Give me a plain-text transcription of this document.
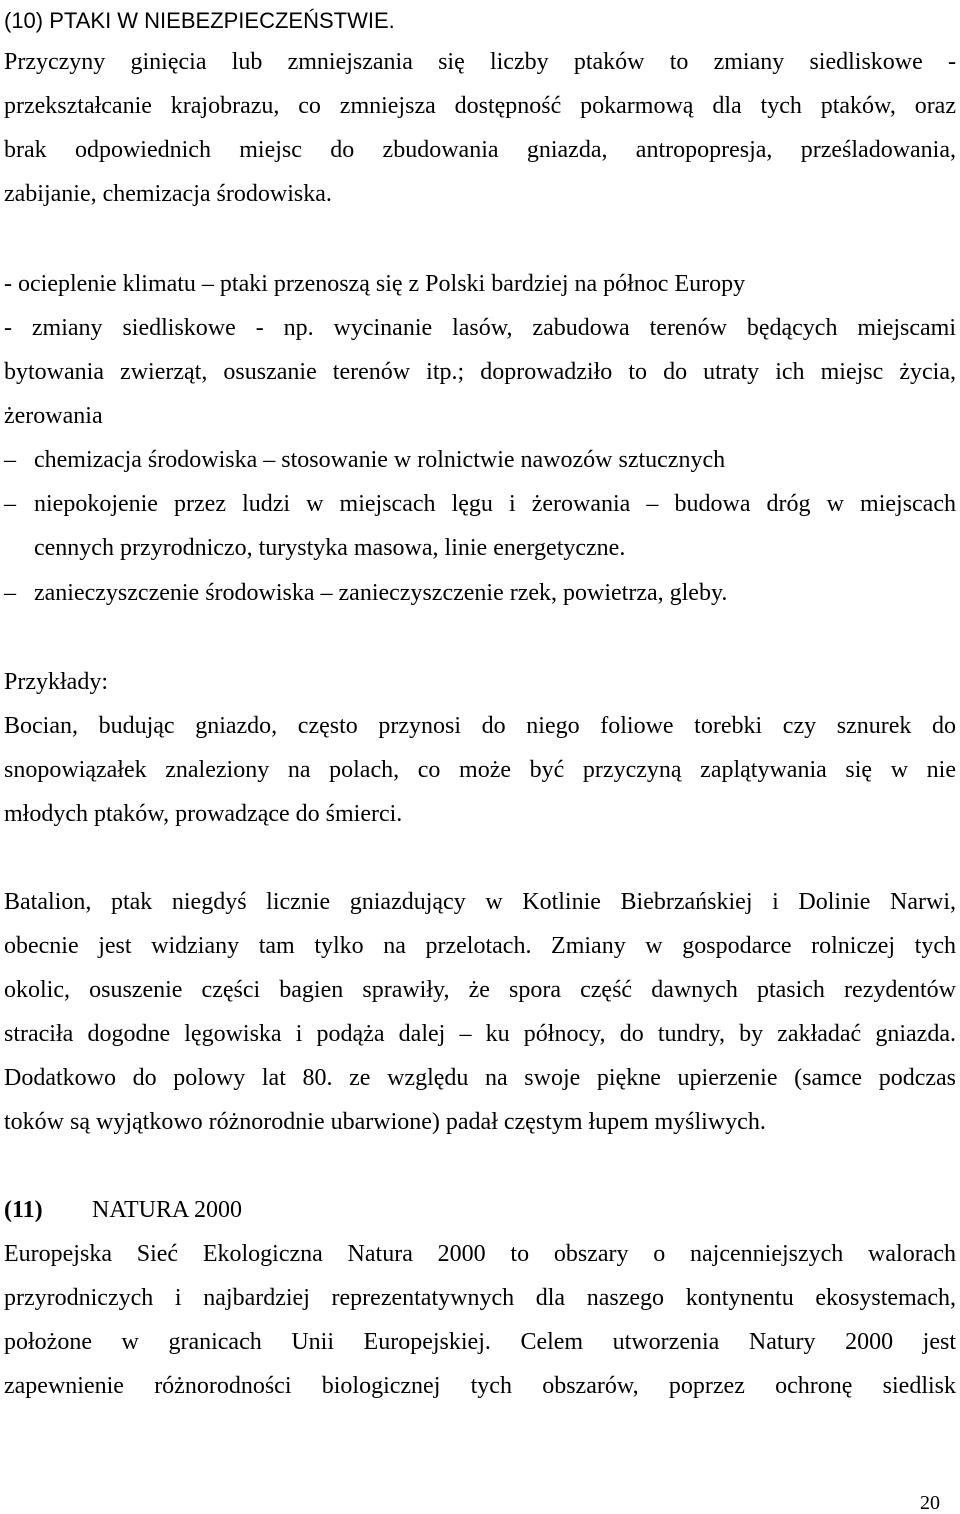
(10) PTAKI W NIEBEZPIECZEŃSTWIE.
Przyczyny ginięcia lub zmniejszania się liczby ptaków to zmiany siedliskowe -
przekształcanie krajobrazu, co zmniejsza dostępność pokarmową dla tych ptaków, oraz
brak odpowiednich miejsc do zbudowania gniazda, antropopresja, prześladowania,
zabijanie, chemizacja środowiska.
- ocieplenie klimatu – ptaki przenoszą się z Polski bardziej na północ Europy
- zmiany siedliskowe - np. wycinanie lasów, zabudowa terenów będących miejscami
bytowania zwierząt, osuszanie terenów itp.; doprowadziło to do utraty ich miejsc życia,
żerowania
– chemizacja środowiska – stosowanie w rolnictwie nawozów sztucznych
– niepokojenie przez ludzi w miejscach lęgu i żerowania – budowa dróg w miejscach
cennych przyrodniczo, turystyka masowa, linie energetyczne.
– zanieczyszczenie środowiska – zanieczyszczenie rzek, powietrza, gleby.
Przykłady:
Bocian, budując gniazdo, często przynosi do niego foliowe torebki czy sznurek do
snopowiązałek znaleziony na polach, co może być przyczyną zaplątywania się w nie
młodych ptaków, prowadzące do śmierci.
Batalion, ptak niegdyś licznie gniazdujący w Kotlinie Biebrzańskiej i Dolinie Narwi,
obecnie jest widziany tam tylko na przelotach. Zmiany w gospodarce rolniczej tych
okolic, osuszenie części bagien sprawiły, że spora część dawnych ptasich rezydentów
straciła dogodne lęgowiska i podąża dalej – ku północy, do tundry, by zakładać gniazda.
Dodatkowo do polowy lat 80. ze względu na swoje piękne upierzenie (samce podczas
toków są wyjątkowo różnorodnie ubarwione) padał częstym łupem myśliwych.
(11) NATURA 2000
Europejska Sieć Ekologiczna Natura 2000 to obszary o najcenniejszych walorach
przyrodniczych i najbardziej reprezentatywnych dla naszego kontynentu ekosystemach,
położone w granicach Unii Europejskiej. Celem utworzenia Natury 2000 jest
zapewnienie różnorodności biologicznej tych obszarów, poprzez ochronę siedlisk
20
